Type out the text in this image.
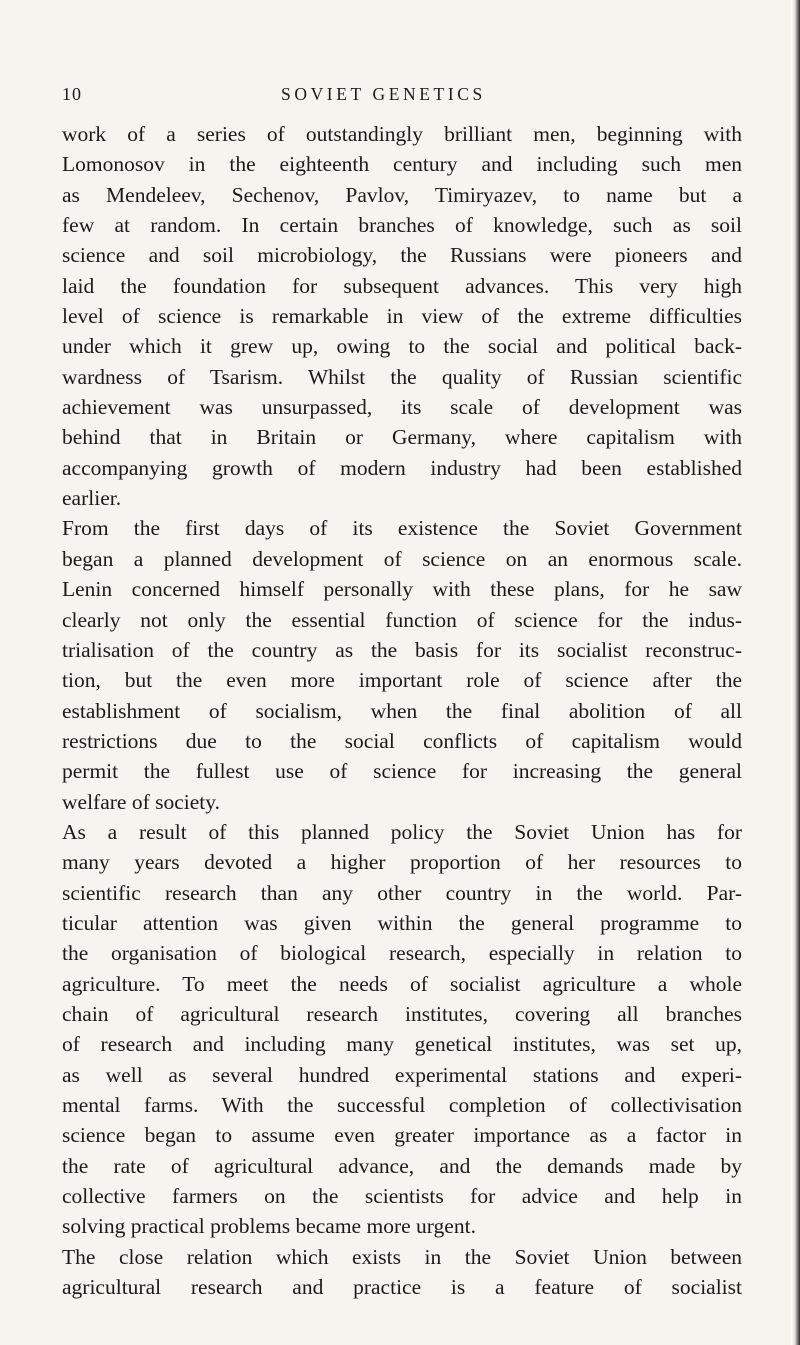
10	SOVIET GENETICS
work of a series of outstandingly brilliant men, beginning with
Lomonosov in the eighteenth century and including such men
as Mendeleev, Sechenov, Pavlov, Timiryazev, to name but a
few at random. In certain branches of knowledge, such as soil
science and soil microbiology, the Russians were pioneers and
laid the foundation for subsequent advances. This very high
level of science is remarkable in view of the extreme difficulties
under which it grew up, owing to the social and political back-
wardness of Tsarism. Whilst the quality of Russian scientific
achievement was unsurpassed, its scale of development was
behind that in Britain or Germany, where capitalism with
accompanying growth of modern industry had been established
earlier.
From the first days of its existence the Soviet Government
began a planned development of science on an enormous scale.
Lenin concerned himself personally with these plans, for he saw
clearly not only the essential function of science for the indus-
trialisation of the country as the basis for its socialist reconstruc-
tion, but the even more important role of science after the
establishment of socialism, when the final abolition of all
restrictions due to the social conflicts of capitalism would
permit the fullest use of science for increasing the general
welfare of society.
As a result of this planned policy the Soviet Union has for
many years devoted a higher proportion of her resources to
scientific research than any other country in the world. Par-
ticular attention was given within the general programme to
the organisation of biological research, especially in relation to
agriculture. To meet the needs of socialist agriculture a whole
chain of agricultural research institutes, covering all branches
of research and including many genetical institutes, was set up,
as well as several hundred experimental stations and experi-
mental farms. With the successful completion of collectivisation
science began to assume even greater importance as a factor in
the rate of agricultural advance, and the demands made by
collective farmers on the scientists for advice and help in
solving practical problems became more urgent.
The close relation which exists in the Soviet Union between
agricultural research and practice is a feature of socialist
